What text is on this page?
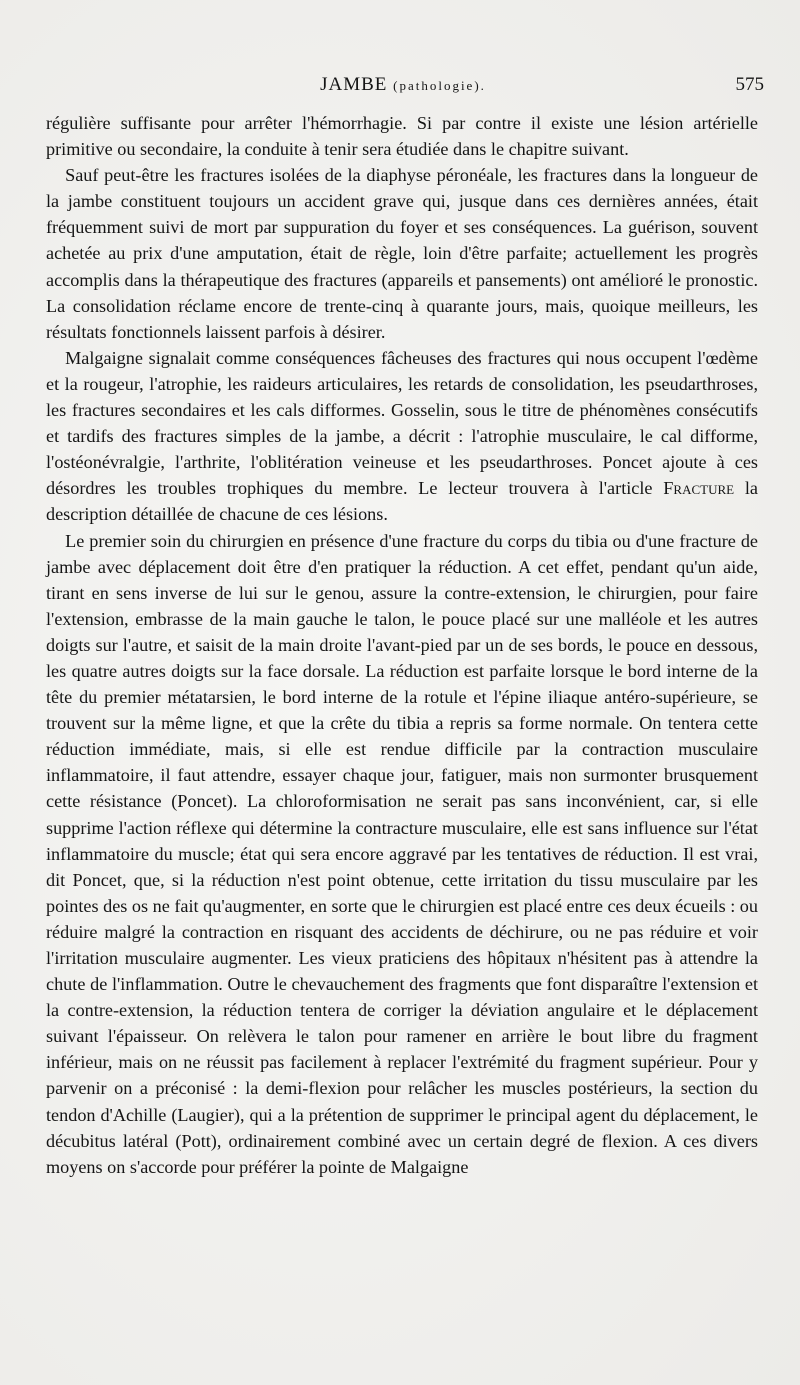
JAMBE (pathologie).	575

régulière suffisante pour arrêter l'hémorrhagie. Si par contre il existe une lésion artérielle primitive ou secondaire, la conduite à tenir sera étudiée dans le chapitre suivant.

Sauf peut-être les fractures isolées de la diaphyse péronéale, les fractures dans la longueur de la jambe constituent toujours un accident grave qui, jusque dans ces dernières années, était fréquemment suivi de mort par suppuration du foyer et ses conséquences. La guérison, souvent achetée au prix d'une amputation, était de règle, loin d'être parfaite; actuellement les progrès accomplis dans la thérapeutique des fractures (appareils et pansements) ont amélioré le pronostic. La consolidation réclame encore de trente-cinq à quarante jours, mais, quoique meilleurs, les résultats fonctionnels laissent parfois à désirer.

Malgaigne signalait comme conséquences fâcheuses des fractures qui nous occupent l'œdème et la rougeur, l'atrophie, les raideurs articulaires, les retards de consolidation, les pseudarthroses, les fractures secondaires et les cals difformes. Gosselin, sous le titre de phénomènes consécutifs et tardifs des fractures simples de la jambe, a décrit : l'atrophie musculaire, le cal difforme, l'ostéonévralgie, l'arthrite, l'oblitération veineuse et les pseudarthroses. Poncet ajoute à ces désordres les troubles trophiques du membre. Le lecteur trouvera à l'article Fracture la description détaillée de chacune de ces lésions.

Le premier soin du chirurgien en présence d'une fracture du corps du tibia ou d'une fracture de jambe avec déplacement doit être d'en pratiquer la réduction. A cet effet, pendant qu'un aide, tirant en sens inverse de lui sur le genou, assure la contre-extension, le chirurgien, pour faire l'extension, embrasse de la main gauche le talon, le pouce placé sur une malléole et les autres doigts sur l'autre, et saisit de la main droite l'avant-pied par un de ses bords, le pouce en dessous, les quatre autres doigts sur la face dorsale. La réduction est parfaite lorsque le bord interne de la tête du premier métatarsien, le bord interne de la rotule et l'épine iliaque antéro-supérieure, se trouvent sur la même ligne, et que la crête du tibia a repris sa forme normale. On tentera cette réduction immédiate, mais, si elle est rendue difficile par la contraction musculaire inflammatoire, il faut attendre, essayer chaque jour, fatiguer, mais non surmonter brusquement cette résistance (Poncet). La chloroformisation ne serait pas sans inconvénient, car, si elle supprime l'action réflexe qui détermine la contracture musculaire, elle est sans influence sur l'état inflammatoire du muscle; état qui sera encore aggravé par les tentatives de réduction. Il est vrai, dit Poncet, que, si la réduction n'est point obtenue, cette irritation du tissu musculaire par les pointes des os ne fait qu'augmenter, en sorte que le chirurgien est placé entre ces deux écueils : ou réduire malgré la contraction en risquant des accidents de déchirure, ou ne pas réduire et voir l'irritation musculaire augmenter. Les vieux praticiens des hôpitaux n'hésitent pas à attendre la chute de l'inflammation. Outre le chevauchement des fragments que font disparaître l'extension et la contre-extension, la réduction tentera de corriger la déviation angulaire et le déplacement suivant l'épaisseur. On relèvera le talon pour ramener en arrière le bout libre du fragment inférieur, mais on ne réussit pas facilement à replacer l'extrémité du fragment supérieur. Pour y parvenir on a préconisé : la demi-flexion pour relâcher les muscles postérieurs, la section du tendon d'Achille (Laugier), qui a la prétention de supprimer le principal agent du déplacement, le décubitus latéral (Pott), ordinairement combiné avec un certain degré de flexion. A ces divers moyens on s'accorde pour préférer la pointe de Malgaigne
